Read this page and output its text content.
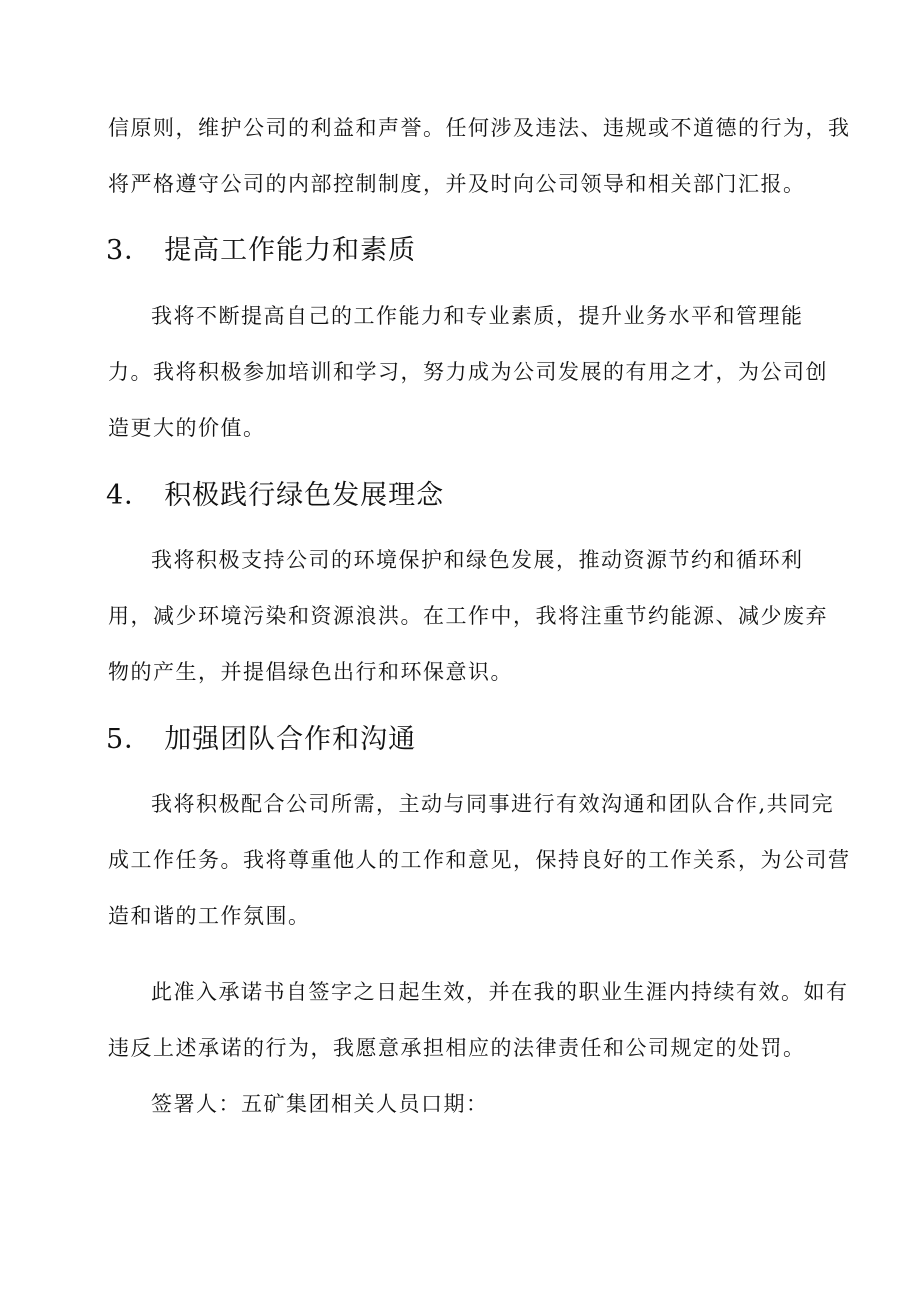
信原则，维护公司的利益和声誉。任何涉及违法、违规或不道德的行为，我
将严格遵守公司的内部控制制度，并及时向公司领导和相关部门汇报。
3． 提高工作能力和素质
我将不断提高自己的工作能力和专业素质，提升业务水平和管理能
力。我将积极参加培训和学习，努力成为公司发展的有用之才，为公司创
造更大的价值。
4． 积极践行绿色发展理念
我将积极支持公司的环境保护和绿色发展，推动资源节约和循环利
用，减少环境污染和资源浪洪。在工作中，我将注重节约能源、减少废弃
物的产生，并提倡绿色出行和环保意识。
5． 加强团队合作和沟通
我将积极配合公司所需，主动与同事进行有效沟通和团队合作,共同完
成工作任务。我将尊重他人的工作和意见，保持良好的工作关系，为公司营
造和谐的工作氛围。
此准入承诺书自签字之日起生效，并在我的职业生涯内持续有效。如有
违反上述承诺的行为，我愿意承担相应的法律责任和公司规定的处罚。
签署人：五矿集团相关人员口期：
